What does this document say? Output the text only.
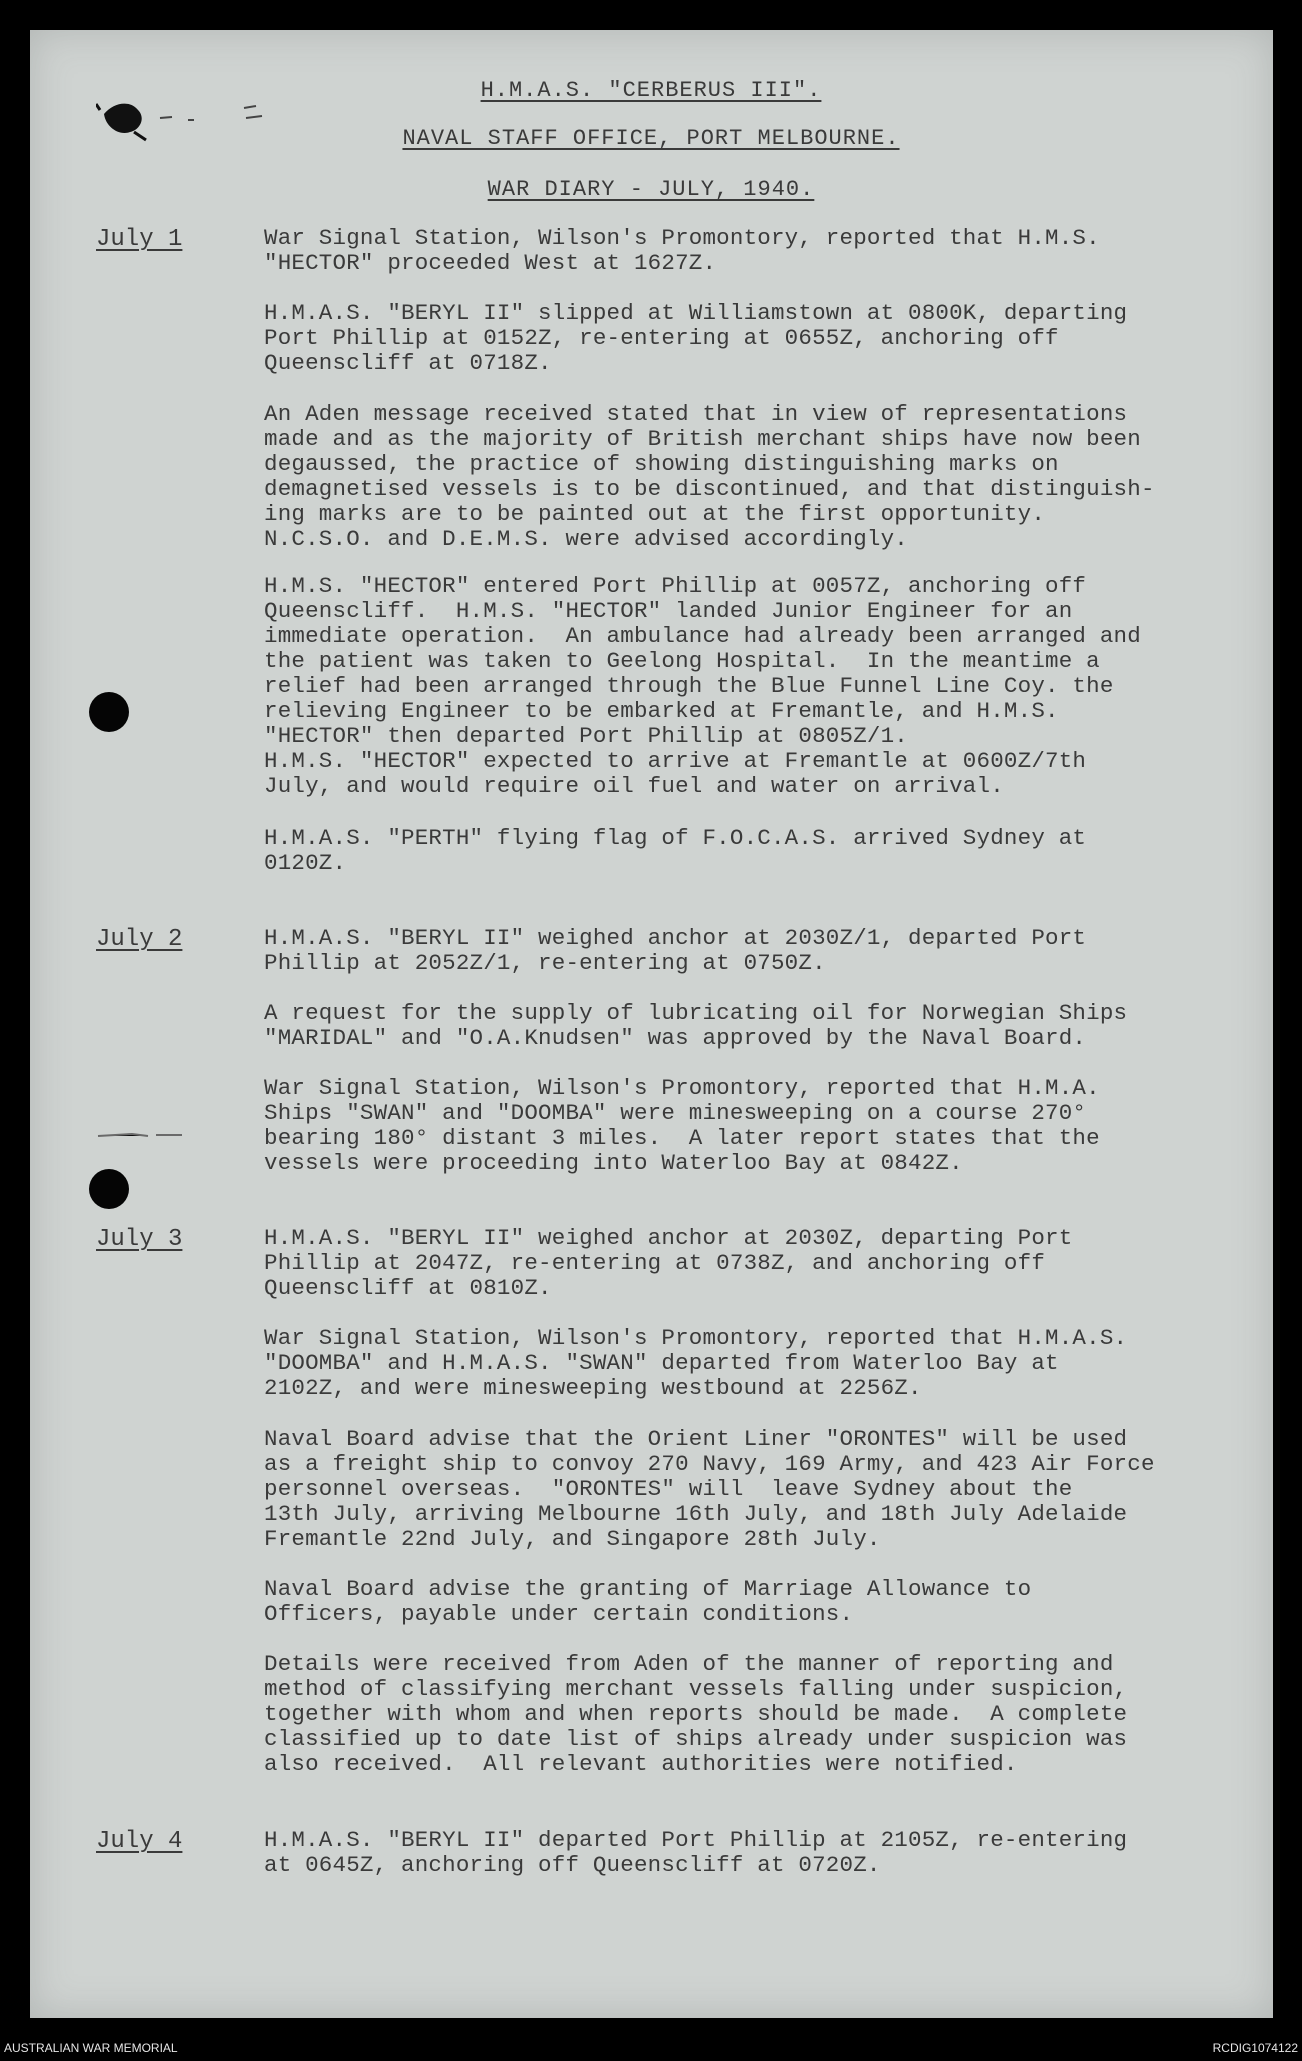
H.M.A.S. "CERBERUS III".
NAVAL STAFF OFFICE, PORT MELBOURNE.
WAR DIARY - JULY, 1940.
July 1	War Signal Station, Wilson's Promontory, reported that H.M.S.
"HECTOR" proceeded West at 1627Z.

H.M.A.S. "BERYL II" slipped at Williamstown at 0800K, departing
Port Phillip at 0152Z, re-entering at 0655Z, anchoring off
Queenscliff at 0718Z.

An Aden message received stated that in view of representations
made and as the majority of British merchant ships have now been
degaussed, the practice of showing distinguishing marks on
demagnetised vessels is to be discontinued, and that distinguish-
ing marks are to be painted out at the first opportunity.
N.C.S.O. and D.E.M.S. were advised accordingly.

H.M.S. "HECTOR" entered Port Phillip at 0057Z, anchoring off
Queenscliff.  H.M.S. "HECTOR" landed Junior Engineer for an
immediate operation.  An ambulance had already been arranged and
the patient was taken to Geelong Hospital.  In the meantime a
relief had been arranged through the Blue Funnel Line Coy. the
relieving Engineer to be embarked at Fremantle, and H.M.S.
"HECTOR" then departed Port Phillip at 0805Z/1.
H.M.S. "HECTOR" expected to arrive at Fremantle at 0600Z/7th
July, and would require oil fuel and water on arrival.

H.M.A.S. "PERTH" flying flag of F.O.C.A.S. arrived Sydney at
0120Z.

July 2	H.M.A.S. "BERYL II" weighed anchor at 2030Z/1, departed Port
Phillip at 2052Z/1, re-entering at 0750Z.

A request for the supply of lubricating oil for Norwegian Ships
"MARIDAL" and "O.A.Knudsen" was approved by the Naval Board.

War Signal Station, Wilson's Promontory, reported that H.M.A.
Ships "SWAN" and "DOOMBA" were minesweeping on a course 270°
bearing 180° distant 3 miles.  A later report states that the
vessels were proceeding into Waterloo Bay at 0842Z.

July 3	H.M.A.S. "BERYL II" weighed anchor at 2030Z, departing Port
Phillip at 2047Z, re-entering at 0738Z, and anchoring off
Queenscliff at 0810Z.

War Signal Station, Wilson's Promontory, reported that H.M.A.S.
"DOOMBA" and H.M.A.S. "SWAN" departed from Waterloo Bay at
2102Z, and were minesweeping westbound at 2256Z.

Naval Board advise that the Orient Liner "ORONTES" will be used
as a freight ship to convoy 270 Navy, 169 Army, and 423 Air Force
personnel overseas.  "ORONTES" will  leave Sydney about the
13th July, arriving Melbourne 16th July, and 18th July Adelaide
Fremantle 22nd July, and Singapore 28th July.

Naval Board advise the granting of Marriage Allowance to
Officers, payable under certain conditions.

Details were received from Aden of the manner of reporting and
method of classifying merchant vessels falling under suspicion,
together with whom and when reports should be made.  A complete
classified up to date list of ships already under suspicion was
also received.  All relevant authorities were notified.

July 4	H.M.A.S. "BERYL II" departed Port Phillip at 2105Z, re-entering
at 0645Z, anchoring off Queenscliff at 0720Z.

AUSTRALIAN WAR MEMORIAL	RCDIG1074122
